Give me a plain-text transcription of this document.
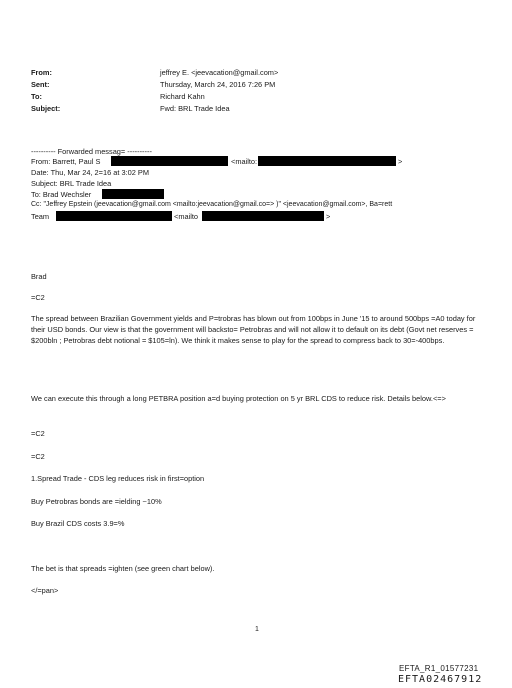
From:	jeffrey E. <jeevacation@gmail.com>
Sent:	Thursday, March 24, 2016 7:26 PM
To:	Richard Kahn
Subject:	Fwd: BRL Trade Idea
---------- Forwarded messag= ----------
From: Barrett, Paul S	<mailto:	>
Date: Thu, Mar 24, 2=16 at 3:02 PM
Subject: BRL Trade Idea
To: Brad Wechsler
Cc: "Jeffrey Epstein (jeevacation@gmail.com <mailto:jeevacation@gmail.co=> )" <jeevacation@gmail.com>, Ba=rett
Team	<mailto	>
Brad
=C2
The spread between Brazilian Government yields and P=trobras has blown out from 100bps in June '15 to around 500bps =A0 today for their USD bonds. Our view is that the government will backsto= Petrobras and will not allow it to default on its debt (Govt net reserves = $200bln ; Petrobras debt notional = $105=ln). We think it makes sense to play for the spread to compress back to 30=-400bps.
We can execute this through a long PETBRA position a=d buying protection on 5 yr BRL CDS to reduce risk. Details below.<=>
=C2
=C2
1.Spread Trade - CDS leg reduces risk in first=option
Buy Petrobras bonds are =ielding ~10%
Buy Brazil CDS costs 3.9=%
The bet is that spreads =ighten (see green chart below).
</=pan>
1
EFTA_R1_01577231
EFTA02467912
